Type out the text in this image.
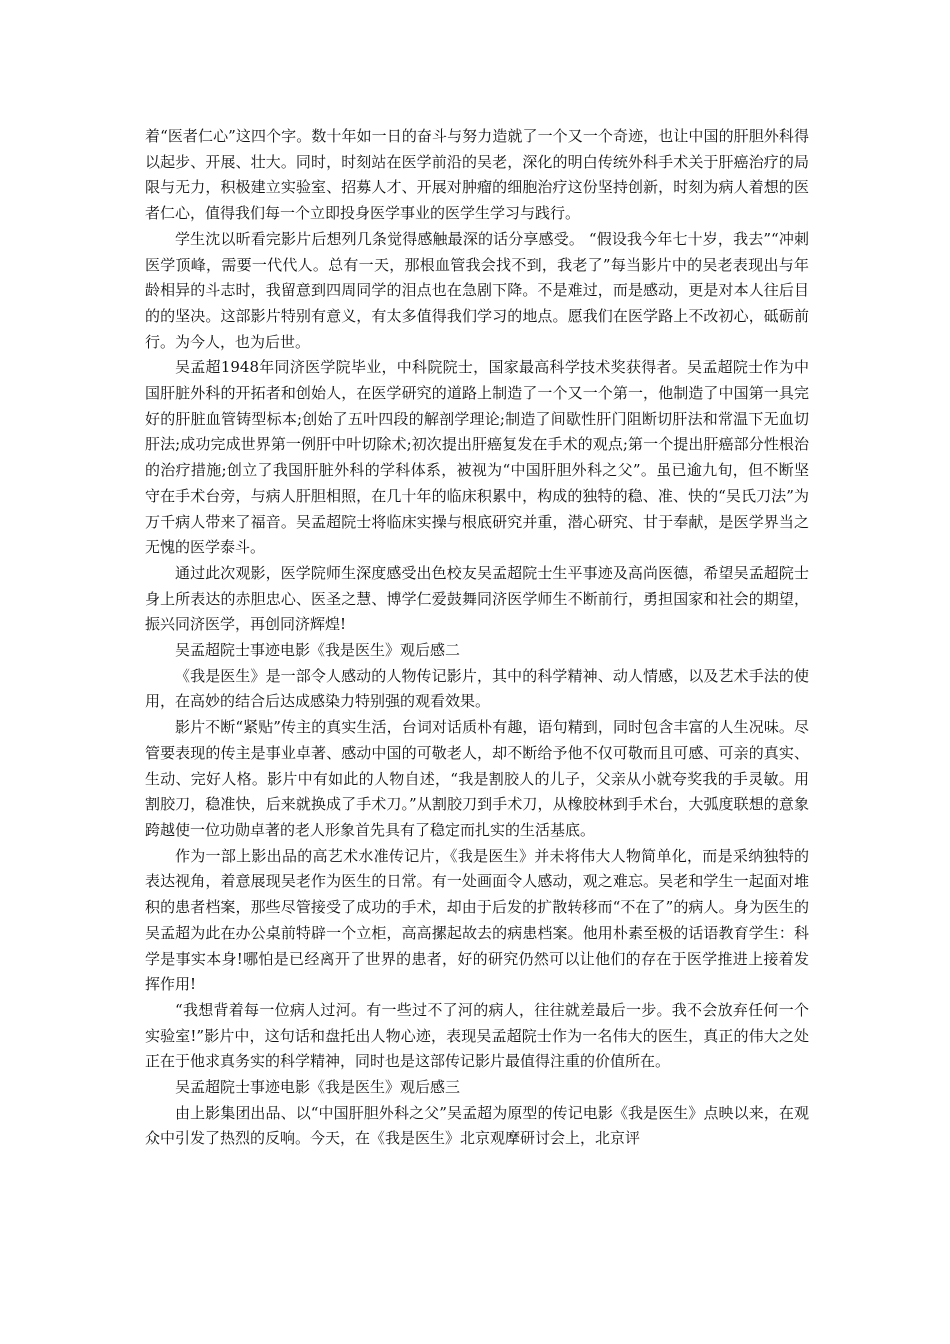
着“医者仁心”这四个字。数十年如一日的奋斗与努力造就了一个又一个奇迹，也让中国的肝胆外科得以起步、开展、壮大。同时，时刻站在医学前沿的吴老，深化的明白传统外科手术关于肝癌治疗的局限与无力，积极建立实验室、招募人才、开展对肿瘤的细胞治疗这份坚持创新，时刻为病人着想的医者仁心，值得我们每一个立即投身医学事业的医学生学习与践行。

学生沈以昕看完影片后想列几条觉得感触最深的话分享感受。 “假设我今年七十岁，我去”“冲刺医学顶峰，需要一代代人。总有一天，那根血管我会找不到，我老了”每当影片中的吴老表现出与年龄相异的斗志时，我留意到四周同学的泪点也在急剧下降。不是难过，而是感动，更是对本人往后目的的坚决。这部影片特别有意义，有太多值得我们学习的地点。愿我们在医学路上不改初心，砥砺前行。为今人，也为后世。

吴孟超1948年同济医学院毕业，中科院院士，国家最高科学技术奖获得者。吴孟超院士作为中国肝脏外科的开拓者和创始人，在医学研究的道路上制造了一个又一个第一，他制造了中国第一具完好的肝脏血管铸型标本;创始了五叶四段的解剖学理论;制造了间歇性肝门阻断切肝法和常温下无血切肝法;成功完成世界第一例肝中叶切除术;初次提出肝癌复发在手术的观点;第一个提出肝癌部分性根治的治疗措施;创立了我国肝脏外科的学科体系，被视为“中国肝胆外科之父”。虽已逾九旬，但不断坚守在手术台旁，与病人肝胆相照，在几十年的临床积累中，构成的独特的稳、准、快的“吴氏刀法”为万千病人带来了福音。吴孟超院士将临床实操与根底研究并重，潜心研究、甘于奉献，是医学界当之无愧的医学泰斗。

通过此次观影，医学院师生深度感受出色校友吴孟超院士生平事迹及高尚医德，希望吴孟超院士身上所表达的赤胆忠心、医圣之慧、博学仁爱鼓舞同济医学师生不断前行，勇担国家和社会的期望，振兴同济医学，再创同济辉煌!

吴孟超院士事迹电影《我是医生》观后感二

《我是医生》是一部令人感动的人物传记影片，其中的科学精神、动人情感，以及艺术手法的使用，在高妙的结合后达成感染力特别强的观看效果。

影片不断“紧贴”传主的真实生活，台词对话质朴有趣，语句精到，同时包含丰富的人生况味。尽管要表现的传主是事业卓著、感动中国的可敬老人，却不断给予他不仅可敬而且可感、可亲的真实、生动、完好人格。影片中有如此的人物自述，“我是割胶人的儿子，父亲从小就夸奖我的手灵敏。用割胶刀，稳准快，后来就换成了手术刀。”从割胶刀到手术刀，从橡胶林到手术台，大弧度联想的意象跨越使一位功勋卓著的老人形象首先具有了稳定而扎实的生活基底。

作为一部上影出品的高艺术水准传记片，《我是医生》并未将伟大人物简单化，而是采纳独特的表达视角，着意展现吴老作为医生的日常。有一处画面令人感动，观之难忘。吴老和学生一起面对堆积的患者档案，那些尽管接受了成功的手术，却由于后发的扩散转移而“不在了”的病人。身为医生的吴孟超为此在办公桌前特辟一个立柜，高高摞起故去的病患档案。他用朴素至极的话语教育学生：科学是事实本身!哪怕是已经离开了世界的患者，好的研究仍然可以让他们的存在于医学推进上接着发挥作用!

“我想背着每一位病人过河。有一些过不了河的病人，往往就差最后一步。我不会放弃任何一个实验室!”影片中，这句话和盘托出人物心迹，表现吴孟超院士作为一名伟大的医生，真正的伟大之处正在于他求真务实的科学精神，同时也是这部传记影片最值得注重的价值所在。

吴孟超院士事迹电影《我是医生》观后感三

由上影集团出品、以“中国肝胆外科之父”吴孟超为原型的传记电影《我是医生》点映以来，在观众中引发了热烈的反响。今天，在《我是医生》北京观摩研讨会上，北京评
